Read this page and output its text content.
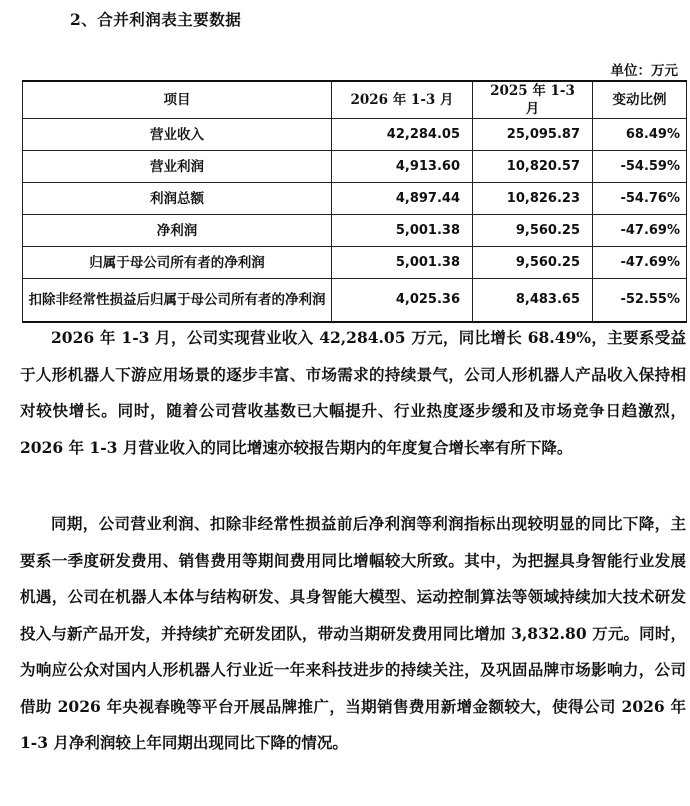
2、合并利润表主要数据
单位：万元
项目	2026 年 1-3 月	2025 年 1-3 月	变动比例
营业收入	42,284.05	25,095.87	68.49%
营业利润	4,913.60	10,820.57	-54.59%
利润总额	4,897.44	10,826.23	-54.76%
净利润	5,001.38	9,560.25	-47.69%
归属于母公司所有者的净利润	5,001.38	9,560.25	-47.69%
扣除非经常性损益后归属于母公司所有者的净利润	4,025.36	8,483.65	-52.55%

2026 年 1-3 月，公司实现营业收入 42,284.05 万元，同比增长 68.49%，主要系受益于人形机器人下游应用场景的逐步丰富、市场需求的持续景气，公司人形机器人产品收入保持相对较快增长。同时，随着公司营收基数已大幅提升、行业热度逐步缓和及市场竞争日趋激烈，2026 年 1-3 月营业收入的同比增速亦较报告期内的年度复合增长率有所下降。

同期，公司营业利润、扣除非经常性损益前后净利润等利润指标出现较明显的同比下降，主要系一季度研发费用、销售费用等期间费用同比增幅较大所致。其中，为把握具身智能行业发展机遇，公司在机器人本体与结构研发、具身智能大模型、运动控制算法等领域持续加大技术研发投入与新产品开发，并持续扩充研发团队，带动当期研发费用同比增加 3,832.80 万元。同时，为响应公众对国内人形机器人行业近一年来科技进步的持续关注，及巩固品牌市场影响力，公司借助 2026 年央视春晚等平台开展品牌推广，当期销售费用新增金额较大，使得公司 2026 年 1-3 月净利润较上年同期出现同比下降的情况。
